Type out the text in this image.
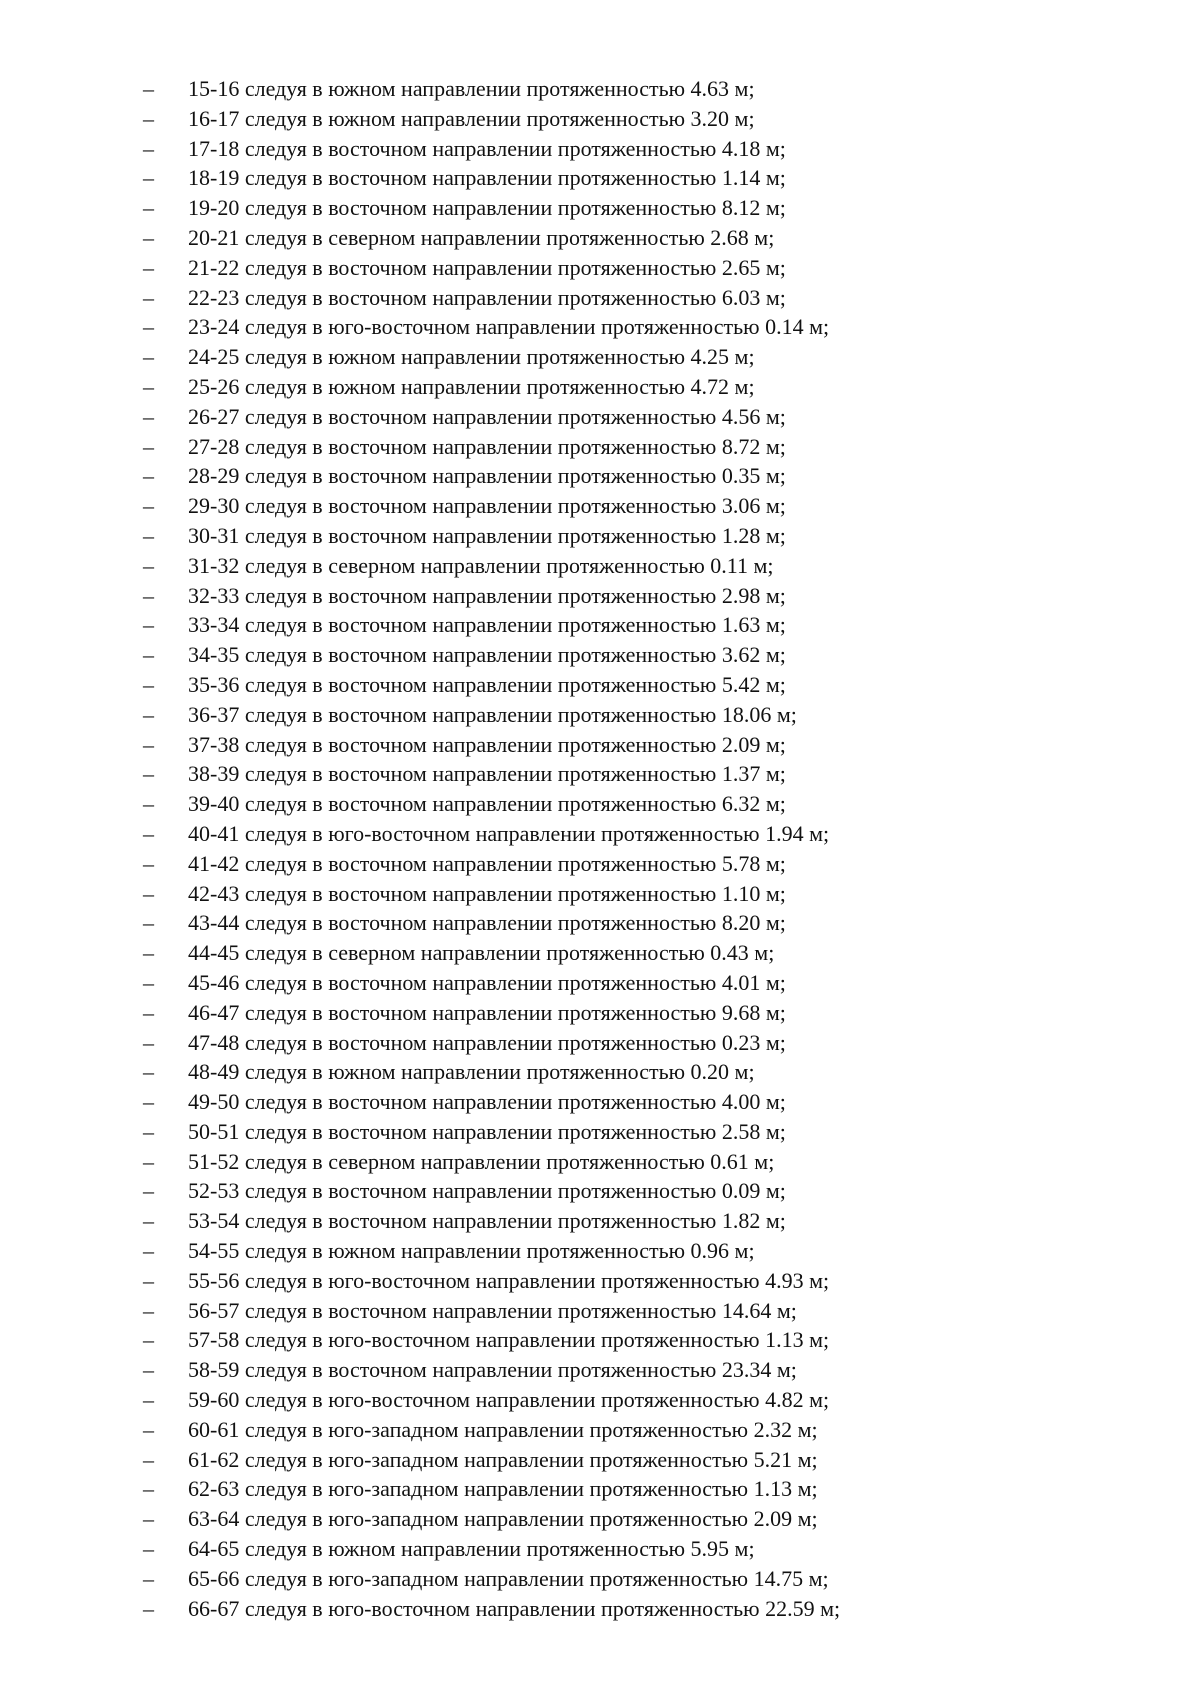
– 15-16 следуя в южном направлении протяженностью 4.63 м;
– 16-17 следуя в южном направлении протяженностью 3.20 м;
– 17-18 следуя в восточном направлении протяженностью 4.18 м;
– 18-19 следуя в восточном направлении протяженностью 1.14 м;
– 19-20 следуя в восточном направлении протяженностью 8.12 м;
– 20-21 следуя в северном направлении протяженностью 2.68 м;
– 21-22 следуя в восточном направлении протяженностью 2.65 м;
– 22-23 следуя в восточном направлении протяженностью 6.03 м;
– 23-24 следуя в юго-восточном направлении протяженностью 0.14 м;
– 24-25 следуя в южном направлении протяженностью 4.25 м;
– 25-26 следуя в южном направлении протяженностью 4.72 м;
– 26-27 следуя в восточном направлении протяженностью 4.56 м;
– 27-28 следуя в восточном направлении протяженностью 8.72 м;
– 28-29 следуя в восточном направлении протяженностью 0.35 м;
– 29-30 следуя в восточном направлении протяженностью 3.06 м;
– 30-31 следуя в восточном направлении протяженностью 1.28 м;
– 31-32 следуя в северном направлении протяженностью 0.11 м;
– 32-33 следуя в восточном направлении протяженностью 2.98 м;
– 33-34 следуя в восточном направлении протяженностью 1.63 м;
– 34-35 следуя в восточном направлении протяженностью 3.62 м;
– 35-36 следуя в восточном направлении протяженностью 5.42 м;
– 36-37 следуя в восточном направлении протяженностью 18.06 м;
– 37-38 следуя в восточном направлении протяженностью 2.09 м;
– 38-39 следуя в восточном направлении протяженностью 1.37 м;
– 39-40 следуя в восточном направлении протяженностью 6.32 м;
– 40-41 следуя в юго-восточном направлении протяженностью 1.94 м;
– 41-42 следуя в восточном направлении протяженностью 5.78 м;
– 42-43 следуя в восточном направлении протяженностью 1.10 м;
– 43-44 следуя в восточном направлении протяженностью 8.20 м;
– 44-45 следуя в северном направлении протяженностью 0.43 м;
– 45-46 следуя в восточном направлении протяженностью 4.01 м;
– 46-47 следуя в восточном направлении протяженностью 9.68 м;
– 47-48 следуя в восточном направлении протяженностью 0.23 м;
– 48-49 следуя в южном направлении протяженностью 0.20 м;
– 49-50 следуя в восточном направлении протяженностью 4.00 м;
– 50-51 следуя в восточном направлении протяженностью 2.58 м;
– 51-52 следуя в северном направлении протяженностью 0.61 м;
– 52-53 следуя в восточном направлении протяженностью 0.09 м;
– 53-54 следуя в восточном направлении протяженностью 1.82 м;
– 54-55 следуя в южном направлении протяженностью 0.96 м;
– 55-56 следуя в юго-восточном направлении протяженностью 4.93 м;
– 56-57 следуя в восточном направлении протяженностью 14.64 м;
– 57-58 следуя в юго-восточном направлении протяженностью 1.13 м;
– 58-59 следуя в восточном направлении протяженностью 23.34 м;
– 59-60 следуя в юго-восточном направлении протяженностью 4.82 м;
– 60-61 следуя в юго-западном направлении протяженностью 2.32 м;
– 61-62 следуя в юго-западном направлении протяженностью 5.21 м;
– 62-63 следуя в юго-западном направлении протяженностью 1.13 м;
– 63-64 следуя в юго-западном направлении протяженностью 2.09 м;
– 64-65 следуя в южном направлении протяженностью 5.95 м;
– 65-66 следуя в юго-западном направлении протяженностью 14.75 м;
– 66-67 следуя в юго-восточном направлении протяженностью 22.59 м;
